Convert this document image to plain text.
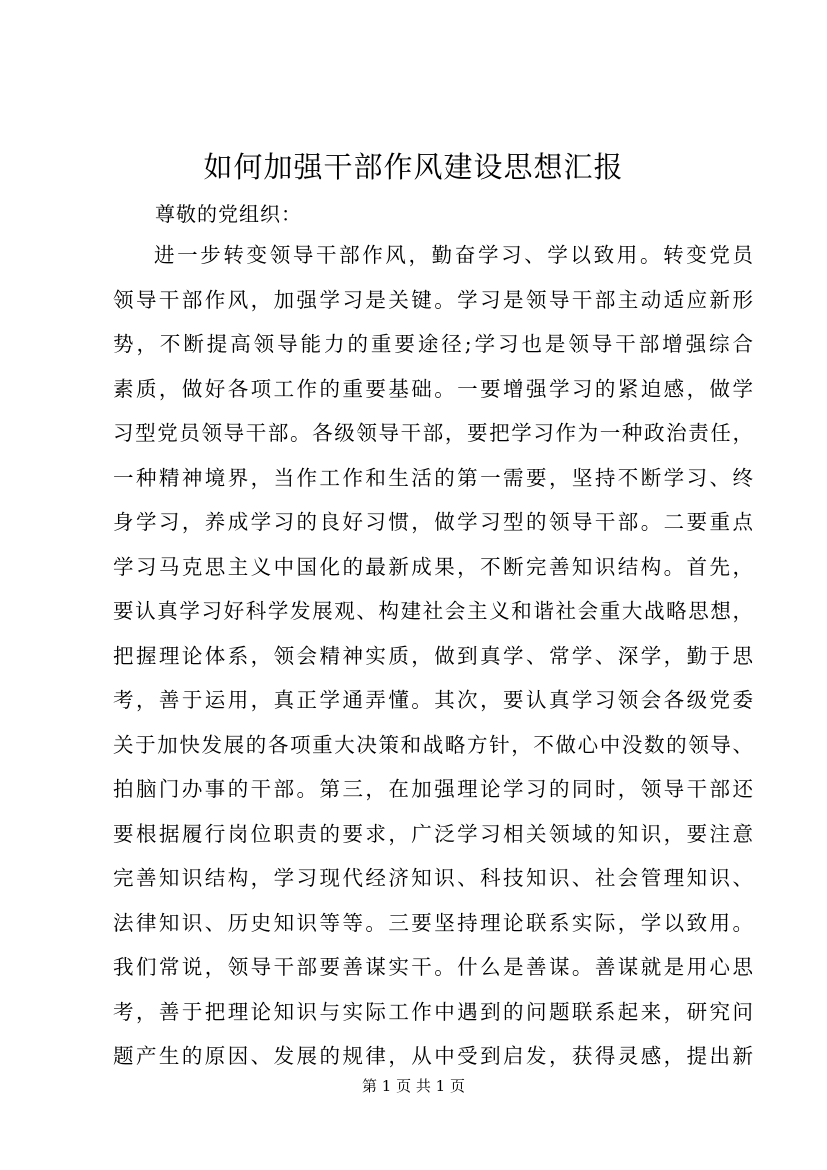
如何加强干部作风建设思想汇报

尊敬的党组织：

进一步转变领导干部作风，勤奋学习、学以致用。转变党员
领导干部作风，加强学习是关键。学习是领导干部主动适应新形
势，不断提高领导能力的重要途径;学习也是领导干部增强综合
素质，做好各项工作的重要基础。一要增强学习的紧迫感，做学
习型党员领导干部。各级领导干部，要把学习作为一种政治责任，
一种精神境界，当作工作和生活的第一需要，坚持不断学习、终
身学习，养成学习的良好习惯，做学习型的领导干部。二要重点
学习马克思主义中国化的最新成果，不断完善知识结构。首先，
要认真学习好科学发展观、构建社会主义和谐社会重大战略思想，
把握理论体系，领会精神实质，做到真学、常学、深学，勤于思
考，善于运用，真正学通弄懂。其次，要认真学习领会各级党委
关于加快发展的各项重大决策和战略方针，不做心中没数的领导、
拍脑门办事的干部。第三，在加强理论学习的同时，领导干部还
要根据履行岗位职责的要求，广泛学习相关领域的知识，要注意
完善知识结构，学习现代经济知识、科技知识、社会管理知识、
法律知识、历史知识等等。三要坚持理论联系实际，学以致用。
我们常说，领导干部要善谋实干。什么是善谋。善谋就是用心思
考，善于把理论知识与实际工作中遇到的问题联系起来，研究问
题产生的原因、发展的规律，从中受到启发，获得灵感，提出新

第 1 页 共 1 页
